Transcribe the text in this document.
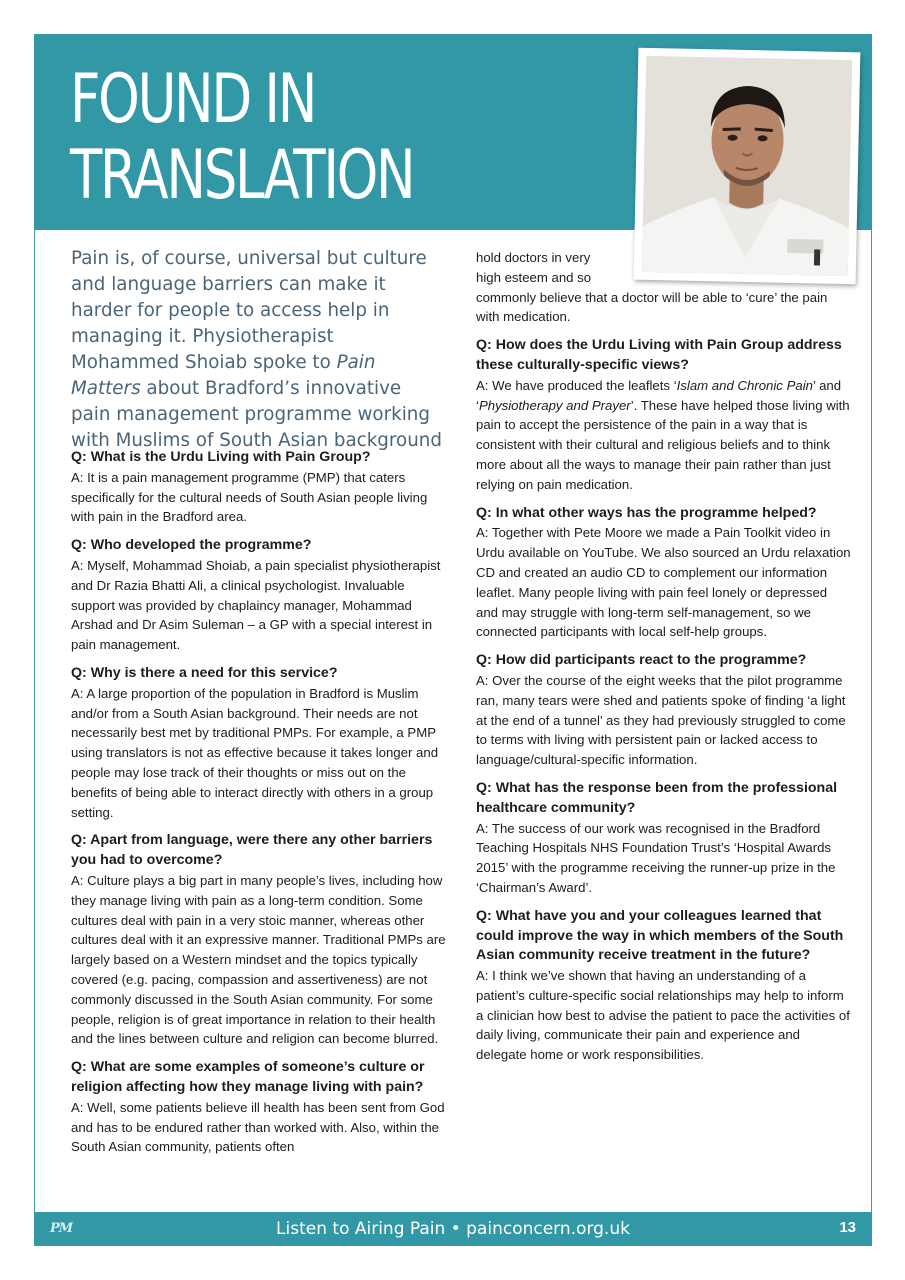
FOUND IN
TRANSLATION

Pain is, of course, universal but culture and language barriers can make it harder for people to access help in managing it. Physiotherapist Mohammed Shoiab spoke to Pain Matters about Bradford’s innovative pain management programme working with Muslims of South Asian background

Q: What is the Urdu Living with Pain Group?

A: It is a pain management programme (PMP) that caters specifically for the cultural needs of South Asian people living with pain in the Bradford area.

Q: Who developed the programme?

A: Myself, Mohammad Shoiab, a pain specialist physiotherapist and Dr Razia Bhatti Ali, a clinical psychologist. Invaluable support was provided by chaplaincy manager, Mohammad Arshad and Dr Asim Suleman – a GP with a special interest in pain management.

Q: Why is there a need for this service?

A: A large proportion of the population in Bradford is Muslim and/or from a South Asian background. Their needs are not necessarily best met by traditional PMPs. For example, a PMP using translators is not as effective because it takes longer and people may lose track of their thoughts or miss out on the benefits of being able to interact directly with others in a group setting.

Q: Apart from language, were there any other barriers you had to overcome?

A: Culture plays a big part in many people’s lives, including how they manage living with pain as a long-term condition. Some cultures deal with pain in a very stoic manner, whereas other cultures deal with it an expressive manner. Traditional PMPs are largely based on a Western mindset and the topics typically covered (e.g. pacing, compassion and assertiveness) are not commonly discussed in the South Asian community. For some people, religion is of great importance in relation to their health and the lines between culture and religion can become blurred.

Q: What are some examples of someone’s culture or religion affecting how they manage living with pain?

A: Well, some patients believe ill health has been sent from God and has to be endured rather than worked with. Also, within the South Asian community, patients often

hold doctors in very high esteem and so

commonly believe that a doctor will be able to ‘cure’ the pain with medication.

Q: How does the Urdu Living with Pain Group address these culturally-specific views?

A: We have produced the leaflets ‘Islam and Chronic Pain’ and ‘Physiotherapy and Prayer’. These have helped those living with pain to accept the persistence of the pain in a way that is consistent with their cultural and religious beliefs and to think more about all the ways to manage their pain rather than just relying on pain medication.

Q: In what other ways has the programme helped?

A: Together with Pete Moore we made a Pain Toolkit video in Urdu available on YouTube. We also sourced an Urdu relaxation CD and created an audio CD to complement our information leaflet. Many people living with pain feel lonely or depressed and may struggle with long-term self-management, so we connected participants with local self-help groups.

Q: How did participants react to the programme?

A: Over the course of the eight weeks that the pilot programme ran, many tears were shed and patients spoke of finding ‘a light at the end of a tunnel’ as they had previously struggled to come to terms with living with persistent pain or lacked access to language/cultural-specific information.

Q: What has the response been from the professional healthcare community?

A: The success of our work was recognised in the Bradford Teaching Hospitals NHS Foundation Trust’s ‘Hospital Awards 2015’ with the programme receiving the runner-up prize in the ‘Chairman’s Award’.

Q: What have you and your colleagues learned that could improve the way in which members of the South Asian community receive treatment in the future?

A: I think we’ve shown that having an understanding of a patient’s culture-specific social relationships may help to inform a clinician how best to advise the patient to pace the activities of daily living, communicate their pain and experience and delegate home or work responsibilities.

PM	Listen to Airing Pain • painconcern.org.uk	13
